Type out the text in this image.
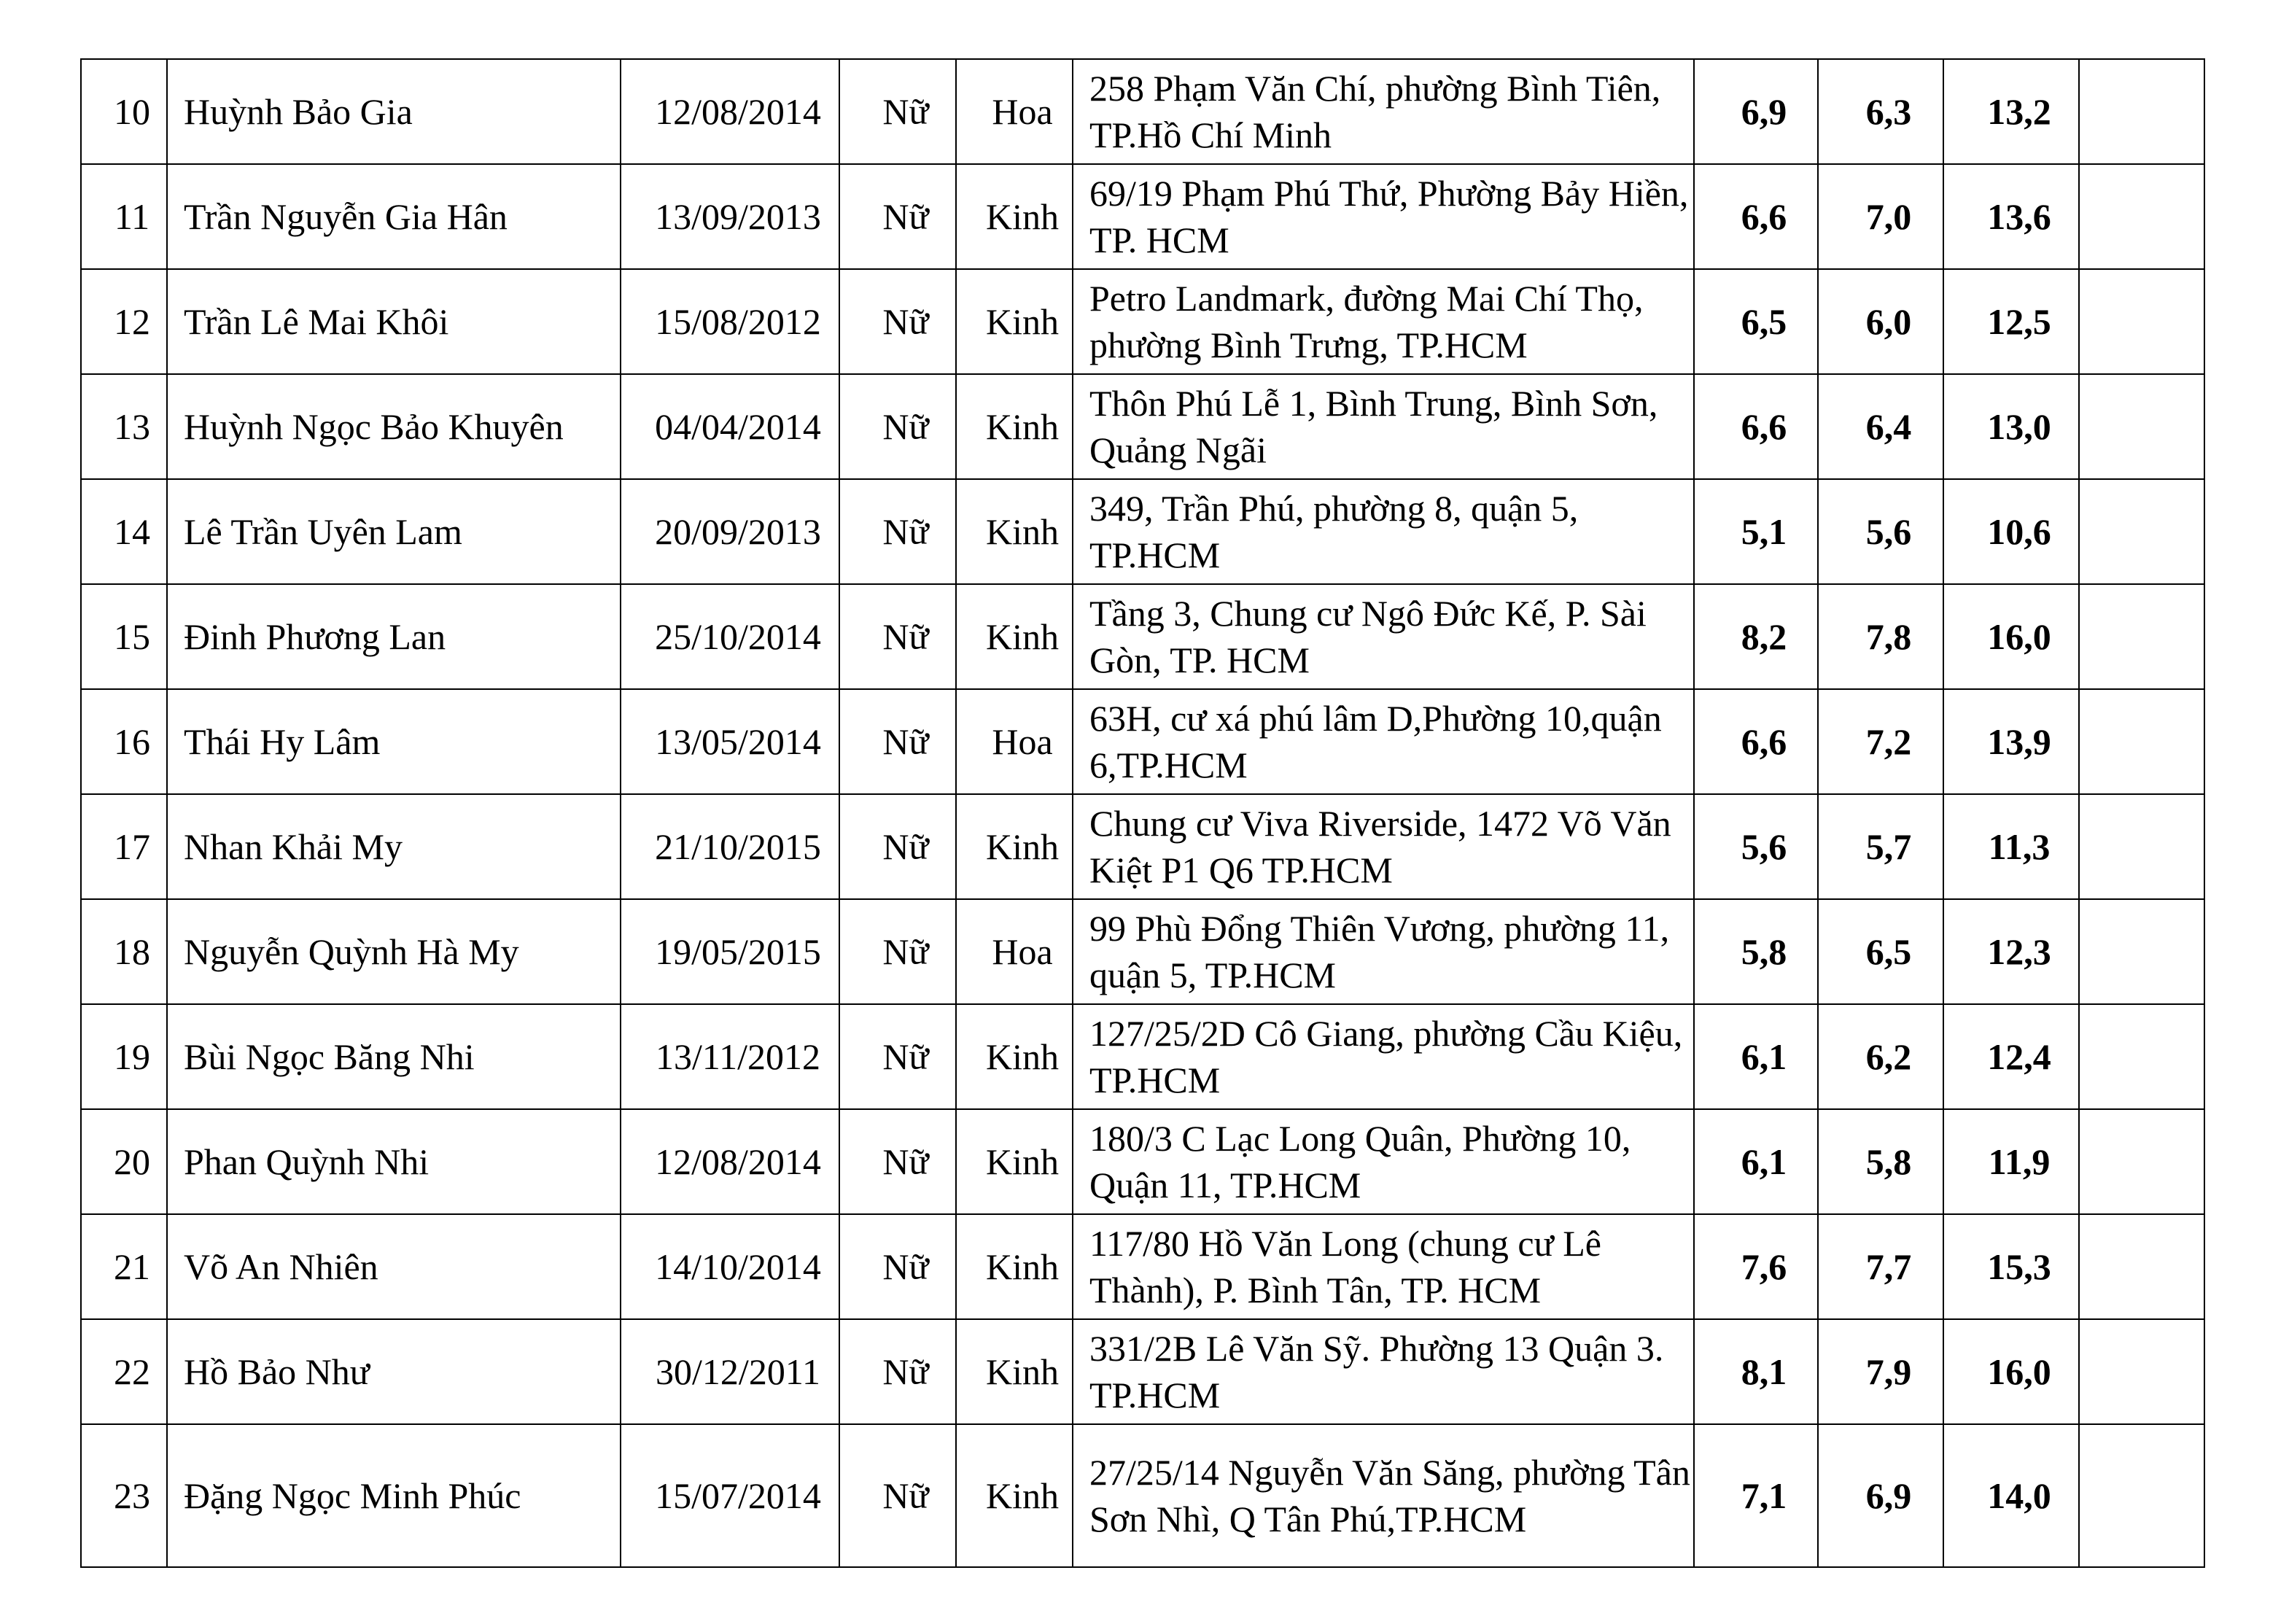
10	Huỳnh Bảo Gia	12/08/2014	Nữ	Hoa	258 Phạm Văn Chí, phường Bình Tiên, TP.Hồ Chí Minh	6,9	6,3	13,2	
11	Trần Nguyễn Gia Hân	13/09/2013	Nữ	Kinh	69/19 Phạm Phú Thứ, Phường Bảy Hiền, TP. HCM	6,6	7,0	13,6	
12	Trần Lê Mai Khôi	15/08/2012	Nữ	Kinh	Petro Landmark, đường Mai Chí Thọ, phường Bình Trưng, TP.HCM	6,5	6,0	12,5	
13	Huỳnh Ngọc Bảo Khuyên	04/04/2014	Nữ	Kinh	Thôn Phú Lễ 1, Bình Trung, Bình Sơn, Quảng Ngãi	6,6	6,4	13,0	
14	Lê Trần Uyên Lam	20/09/2013	Nữ	Kinh	349, Trần Phú, phường 8, quận 5, TP.HCM	5,1	5,6	10,6	
15	Đinh Phương Lan	25/10/2014	Nữ	Kinh	Tầng 3, Chung cư Ngô Đức Kế, P. Sài Gòn, TP. HCM	8,2	7,8	16,0	
16	Thái Hy Lâm	13/05/2014	Nữ	Hoa	63H, cư xá phú lâm D,Phường 10,quận 6,TP.HCM	6,6	7,2	13,9	
17	Nhan Khải My	21/10/2015	Nữ	Kinh	Chung cư Viva Riverside, 1472 Võ Văn Kiệt P1 Q6 TP.HCM	5,6	5,7	11,3	
18	Nguyễn Quỳnh Hà My	19/05/2015	Nữ	Hoa	99 Phù Đổng Thiên Vương, phường 11, quận 5, TP.HCM	5,8	6,5	12,3	
19	Bùi Ngọc Băng Nhi	13/11/2012	Nữ	Kinh	127/25/2D Cô Giang, phường Cầu Kiệu, TP.HCM	6,1	6,2	12,4	
20	Phan Quỳnh Nhi	12/08/2014	Nữ	Kinh	180/3 C Lạc Long Quân, Phường 10, Quận 11, TP.HCM	6,1	5,8	11,9	
21	Võ An Nhiên	14/10/2014	Nữ	Kinh	117/80 Hồ Văn Long (chung cư Lê Thành), P. Bình Tân, TP. HCM	7,6	7,7	15,3	
22	Hồ Bảo Như	30/12/2011	Nữ	Kinh	331/2B Lê Văn Sỹ. Phường 13 Quận 3. TP.HCM	8,1	7,9	16,0	
23	Đặng Ngọc Minh Phúc	15/07/2014	Nữ	Kinh	27/25/14 Nguyễn Văn Săng, phường Tân Sơn Nhì, Q Tân Phú,TP.HCM	7,1	6,9	14,0	
